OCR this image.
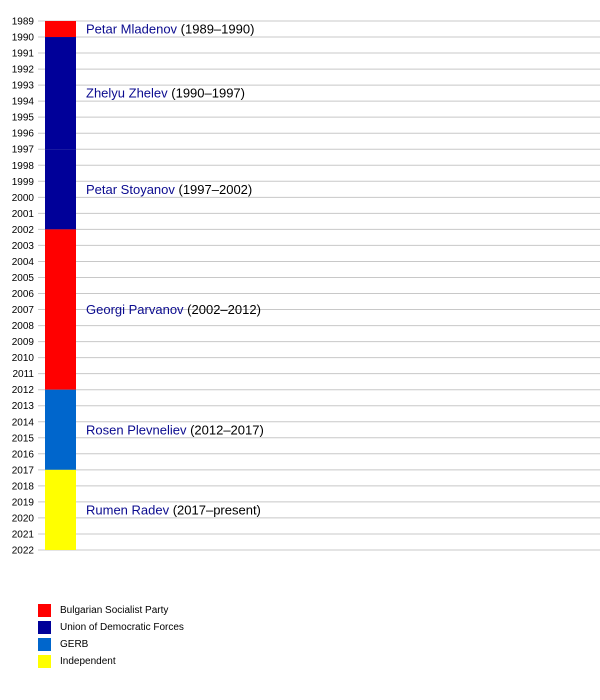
1989
1990
1991
1992
1993
1994
1995
1996
1997
1998
1999
2000
2001
2002
2003
2004
2005
2006
2007
2008
2009
2010
2011
2012
2013
2014
2015
2016
2017
2018
2019
2020
2021
2022
Petar Mladenov (1989–1990)
Zhelyu Zhelev (1990–1997)
Petar Stoyanov (1997–2002)
Georgi Parvanov (2002–2012)
Rosen Plevneliev (2012–2017)
Rumen Radev (2017–present)
Bulgarian Socialist Party
Union of Democratic Forces
GERB
Independent
